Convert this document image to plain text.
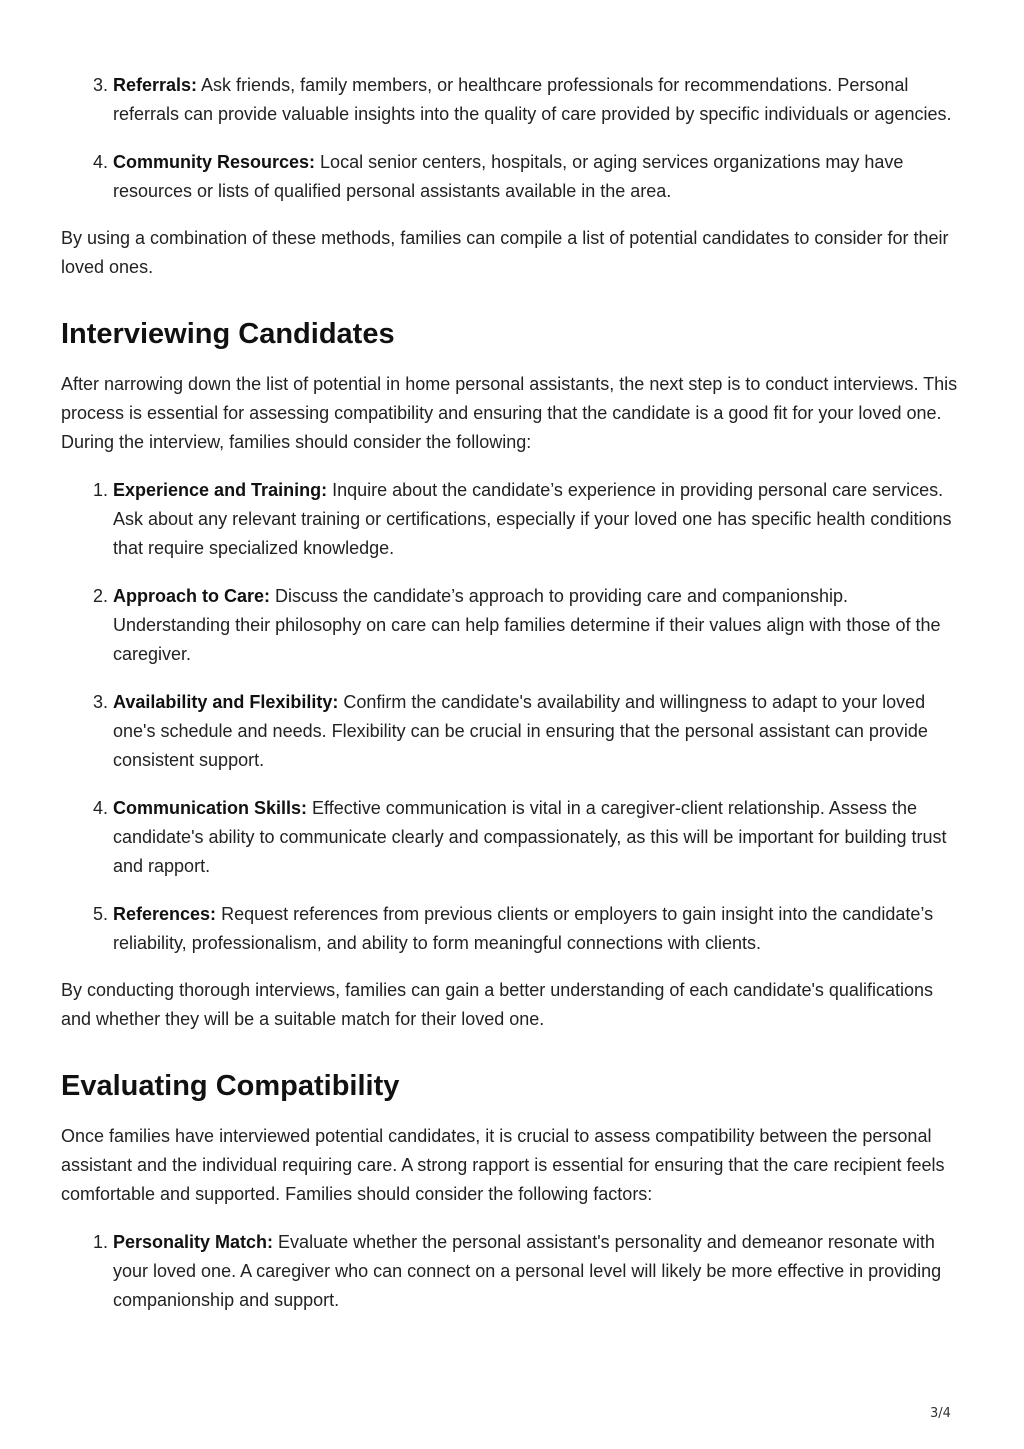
3. Referrals: Ask friends, family members, or healthcare professionals for recommendations. Personal referrals can provide valuable insights into the quality of care provided by specific individuals or agencies.
4. Community Resources: Local senior centers, hospitals, or aging services organizations may have resources or lists of qualified personal assistants available in the area.

By using a combination of these methods, families can compile a list of potential candidates to consider for their loved ones.

Interviewing Candidates

After narrowing down the list of potential in home personal assistants, the next step is to conduct interviews. This process is essential for assessing compatibility and ensuring that the candidate is a good fit for your loved one. During the interview, families should consider the following:

1. Experience and Training: Inquire about the candidate’s experience in providing personal care services. Ask about any relevant training or certifications, especially if your loved one has specific health conditions that require specialized knowledge.
2. Approach to Care: Discuss the candidate’s approach to providing care and companionship. Understanding their philosophy on care can help families determine if their values align with those of the caregiver.
3. Availability and Flexibility: Confirm the candidate's availability and willingness to adapt to your loved one's schedule and needs. Flexibility can be crucial in ensuring that the personal assistant can provide consistent support.
4. Communication Skills: Effective communication is vital in a caregiver-client relationship. Assess the candidate's ability to communicate clearly and compassionately, as this will be important for building trust and rapport.
5. References: Request references from previous clients or employers to gain insight into the candidate’s reliability, professionalism, and ability to form meaningful connections with clients.

By conducting thorough interviews, families can gain a better understanding of each candidate's qualifications and whether they will be a suitable match for their loved one.

Evaluating Compatibility

Once families have interviewed potential candidates, it is crucial to assess compatibility between the personal assistant and the individual requiring care. A strong rapport is essential for ensuring that the care recipient feels comfortable and supported. Families should consider the following factors:

1. Personality Match: Evaluate whether the personal assistant's personality and demeanor resonate with your loved one. A caregiver who can connect on a personal level will likely be more effective in providing companionship and support.
3/4
